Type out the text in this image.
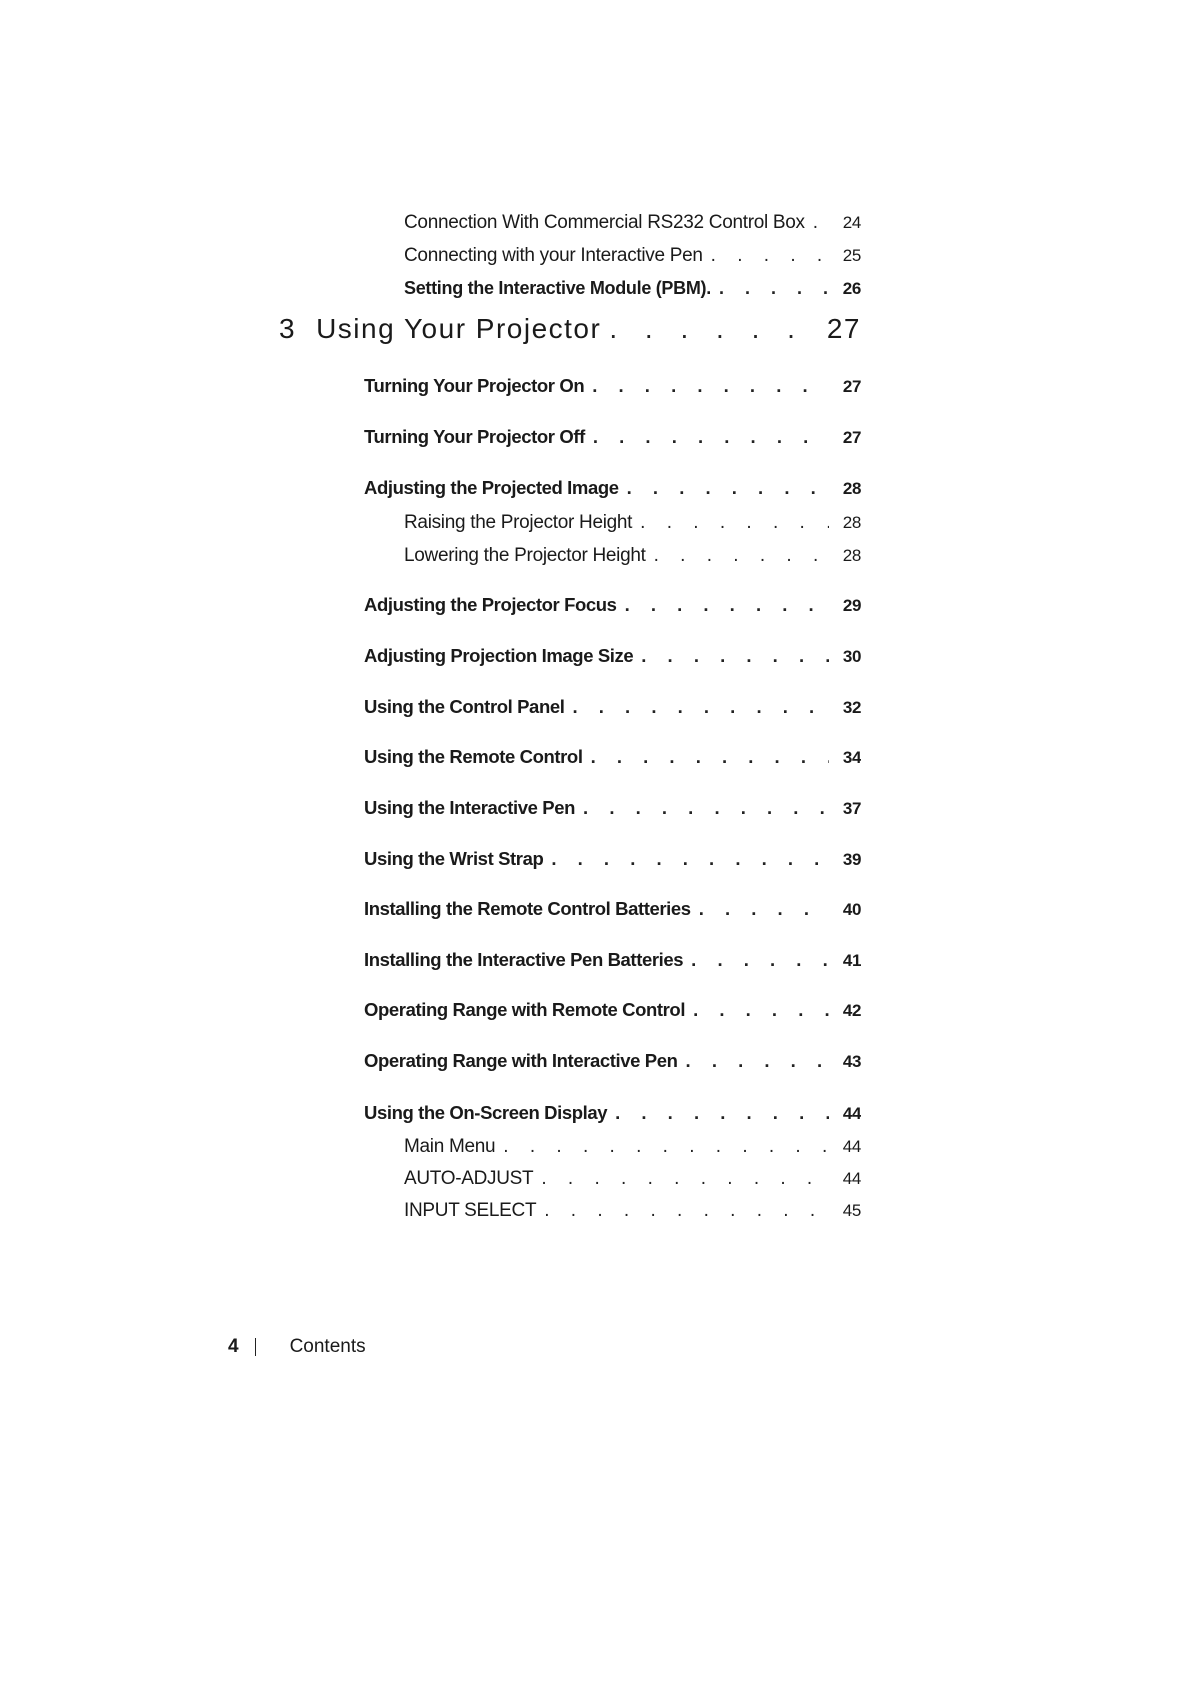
Connection With Commercial RS232 Control Box . . . 24
Connecting with your Interactive Pen . . .	25
Setting the Interactive Module (PBM). . . .	26
3 Using Your Projector . . .	27
Turning Your Projector On . . .	27
Turning Your Projector Off . . .	27
Adjusting the Projected Image . . .	28
Raising the Projector Height . . .	28
Lowering the Projector Height . . .	28
Adjusting the Projector Focus . . .	29
Adjusting Projection Image Size . . .	30
Using the Control Panel . . .	32
Using the Remote Control . . .	34
Using the Interactive Pen . . .	37
Using the Wrist Strap . . .	39
Installing the Remote Control Batteries . . .	40
Installing the Interactive Pen Batteries . . .	41
Operating Range with Remote Control . . .	42
Operating Range with Interactive Pen . . .	43
Using the On-Screen Display . . .	44
Main Menu . . .	44
AUTO-ADJUST . . .	44
INPUT SELECT . . .	45
4	Contents
